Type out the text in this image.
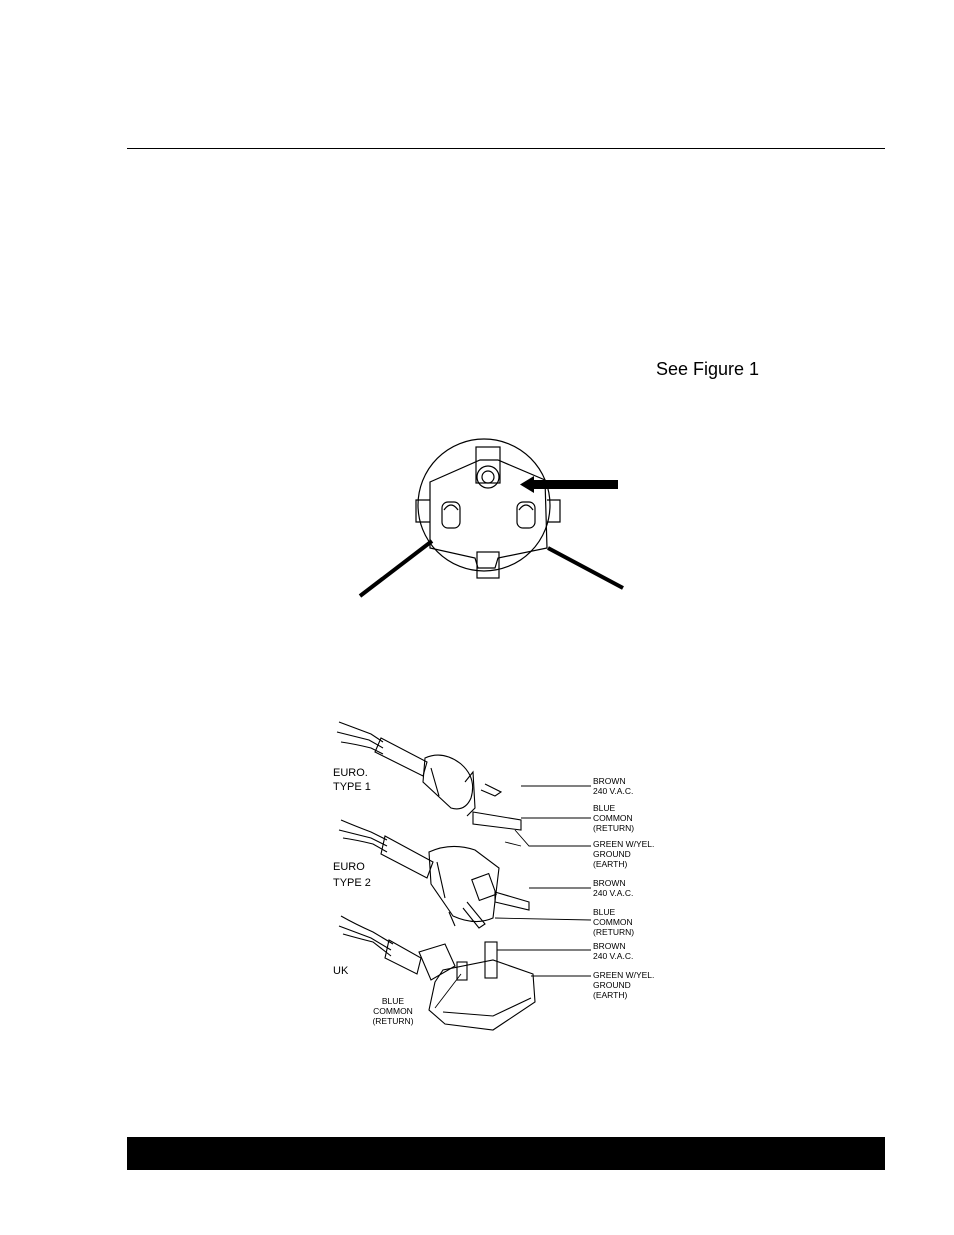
See Figure 1
EURO.
TYPE 1
EURO
TYPE 2
UK
BROWN
240 V.A.C.
BLUE
COMMON
(RETURN)
GREEN W/YEL.
GROUND
(EARTH)
BROWN
240 V.A.C.
BLUE
COMMON
(RETURN)
BROWN
240 V.A.C.
GREEN W/YEL.
GROUND
(EARTH)
BLUE
COMMON
(RETURN)
